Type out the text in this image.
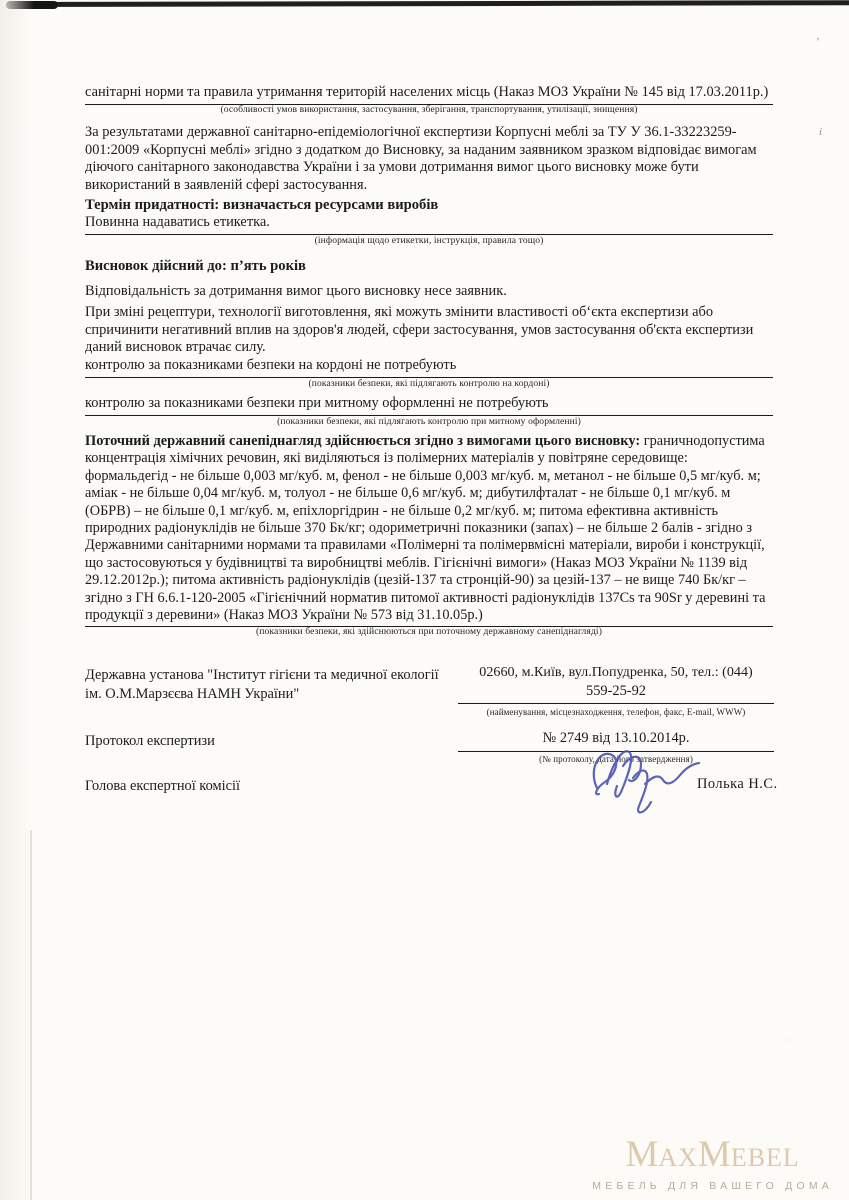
’
i
·
санітарні норми та правила утримання територій населених місць (Наказ МОЗ України № 145 від 17.03.2011р.)
(особливості умов використання, застосування, зберігання, транспортування, утилізації, знищення)
За результатами державної санітарно-епідеміологічної експертизи Корпусні меблі за ТУ У 36.1-33223259-001:2009 «Корпусні меблі» згідно з додатком до Висновку, за наданим заявником зразком відповідає вимогам діючого санітарного законодавства України і за умови дотримання вимог цього висновку може бути використаний в заявленій сфері застосування.
Термін придатності: визначається ресурсами виробів
Повинна надаватись етикетка.
(інформація щодо етикетки, інструкція, правила тощо)
Висновок дійсний до: п’ять років
Відповідальність за дотримання вимог цього висновку несе заявник.
При зміні рецептури, технології виготовлення, які можуть змінити властивості об‘єкта експертизи або спричинити негативний вплив на здоров'я людей, сфери застосування, умов застосування об'єкта експертизи даний висновок втрачає силу.
контролю за показниками безпеки на кордоні не потребують
(показники безпеки, які підлягають контролю на кордоні)
контролю за показниками безпеки при митному оформленні не потребують
(показники безпеки, які підлягають контролю при митному оформленні)
Поточний державний санепіднагляд здійснюється згідно з вимогами цього висновку: граничнодопустима концентрація хімічних речовин, які виділяються із полімерних матеріалів у повітряне середовище: формальдегід - не більше 0,003 мг/куб. м, фенол - не більше 0,003 мг/куб. м, метанол - не більше 0,5 мг/куб. м; аміак - не більше 0,04 мг/куб. м, толуол - не більше 0,6 мг/куб. м; дибутилфталат - не більше 0,1 мг/куб. м (ОБРВ) – не більше 0,1 мг/куб. м, епіхлоргідрин - не більше 0,2 мг/куб. м; питома ефективна активність природних радіонуклідів не більше 370 Бк/кг; одориметричні показники (запах) – не більше 2 балів - згідно з Державними санітарними нормами та правилами «Полімерні та полімервмісні матеріали, вироби і конструкції, що застосовуються у будівництві та виробництві меблів. Гігієнічні вимоги» (Наказ МОЗ України № 1139 від 29.12.2012р.); питома активність радіонуклідів (цезій-137 та стронцій-90) за цезій-137 – не вище 740 Бк/кг – згідно з ГН 6.6.1-120-2005 «Гігієнічний норматив питомої активності радіонуклідів 137Cs та 90Sr у деревині та продукції з деревини» (Наказ МОЗ України № 573 від 31.10.05р.)
(показники безпеки, які здійснюються при поточному державному санепіднагляді)
Державна установа "Інститут гігієни та медичної екології ім. О.М.Марзєєва НАМН України"
02660, м.Київ, вул.Попудренка, 50, тел.: (044)
559-25-92
(найменування, місцезнаходження, телефон, факс, E-mail, WWW)
Протокол експертизи	№ 2749 від 13.10.2014р.
(№ протоколу, дата його затвердження)
Голова експертної комісії	Полька Н.С.
MAXMEBEL
МЕБЕЛЬ ДЛЯ ВАШЕГО ДОМА
